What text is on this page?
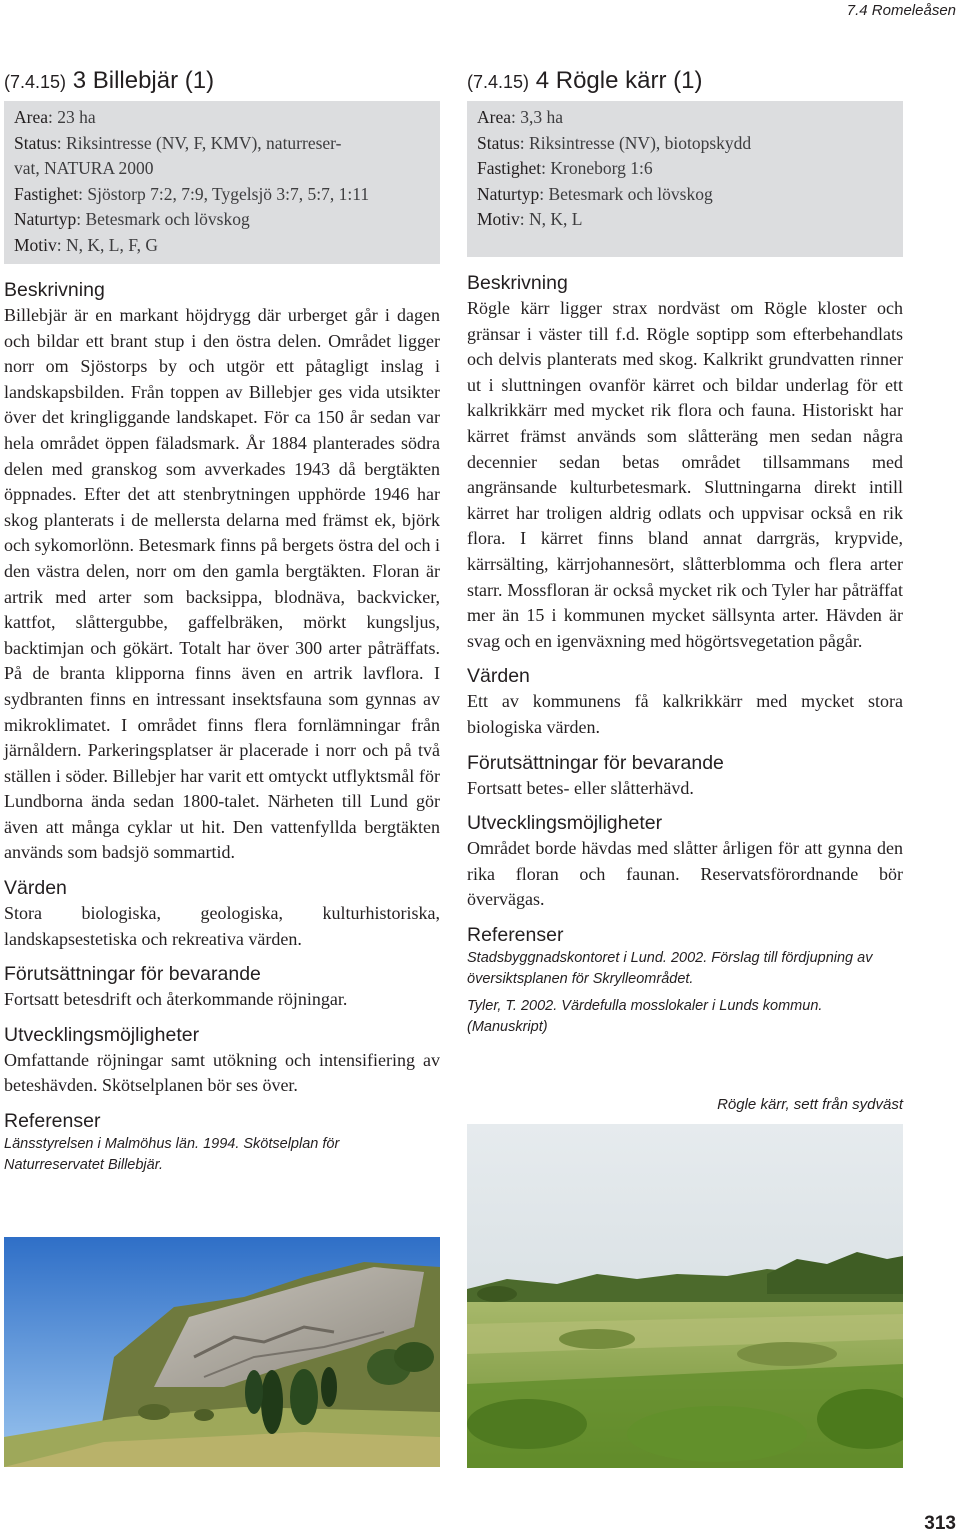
7.4 Romeleåsen
(7.4.15) 3 Billebjär (1)

Area: 23 ha

Status: Riksintresse (NV, F, KMV), naturreser-

vat, NATURA 2000

Fastighet: Sjöstorp 7:2, 7:9, Tygelsjö 3:7, 5:7, 1:11

Naturtyp: Betesmark och lövskog

Motiv: N, K, L, F, G

Beskrivning

Billebjär är en markant höjdrygg där urberget går i dagen och bildar ett brant stup i den östra delen. Området ligger norr om Sjöstorps by och utgör ett påtagligt inslag i landskapsbilden. Från toppen av Billebjer ges vida utsikter över det kringliggande landskapet. För ca 150 år sedan var hela området öppen fäladsmark. År 1884 planterades södra delen med granskog som avverkades 1943 då bergtäkten öppnades. Efter det att stenbrytningen upphörde 1946 har skog planterats i de mellersta delarna med främst ek, björk och sykomorlönn. Betesmark finns på bergets östra del och i den västra delen, norr om den gamla bergtäkten. Floran är artrik med arter som backsippa, blodnäva, backvicker, kattfot, slåttergubbe, gaffelbräken, mörkt kungsljus, backtimjan och gökärt. Totalt har över 300 arter påträffats. På de branta klipporna finns även en artrik lavflora. I sydbranten finns en intressant insektsfauna som gynnas av mikroklimatet. I området finns flera fornlämningar från järnåldern. Parkeringsplatser är placerade i norr och på två ställen i söder. Billebjer har varit ett omtyckt utflyktsmål för Lundborna ända sedan 1800-talet. Närheten till Lund gör även att många cyklar ut hit. Den vattenfyllda bergtäkten används som badsjö sommartid.

Värden

Stora biologiska, geologiska, kulturhistoriska, landskapsestetiska och rekreativa värden.

Förutsättningar för bevarande

Fortsatt betesdrift och återkommande röjningar.

Utvecklingsmöjligheter

Omfattande röjningar samt utökning och intensifiering av beteshävden. Skötselplanen bör ses över.

Referenser

Länsstyrelsen i Malmöhus län. 1994. Skötselplan för Naturreservatet Billebjär.

(7.4.15) 4 Rögle kärr (1)

Area: 3,3 ha

Status: Riksintresse (NV), biotopskydd

Fastighet: Kroneborg 1:6

Naturtyp: Betesmark och lövskog

Motiv: N, K, L

Beskrivning

Rögle kärr ligger strax nordväst om Rögle kloster och gränsar i väster till f.d. Rögle soptipp som efterbehandlats och delvis planterats med skog. Kalkrikt grundvatten rinner ut i sluttningen ovanför kärret och bildar underlag för ett kalkrikkärr med mycket rik flora och fauna. Historiskt har kärret främst används som slåtteräng men sedan några decennier sedan betas området tillsammans med angränsande kulturbetesmark. Sluttningarna direkt intill kärret har troligen aldrig odlats och uppvisar också en rik flora. I kärret finns bland annat darrgräs, krypvide, kärrsälting, kärrjohannesört, slåtterblomma och flera arter starr. Mossfloran är också mycket rik och Tyler har påträffat mer än 15 i kommunen mycket sällsynta arter. Hävden är svag och en igenväxning med högörtsvegetation pågår.

Värden

Ett av kommunens få kalkrikkärr med mycket stora biologiska värden.

Förutsättningar för bevarande

Fortsatt betes- eller slåtterhävd.

Utvecklingsmöjligheter

Området borde hävdas med slåtter årligen för att gynna den rika floran och faunan. Reservatsförordnande bör övervägas.

Referenser

Stadsbyggnadskontoret i Lund. 2002. Förslag till fördjupning av översiktsplanen för Skrylleområdet.

Tyler, T. 2002. Värdefulla mosslokaler i Lunds kommun. (Manuskript)

Rögle kärr, sett från sydväst

313
